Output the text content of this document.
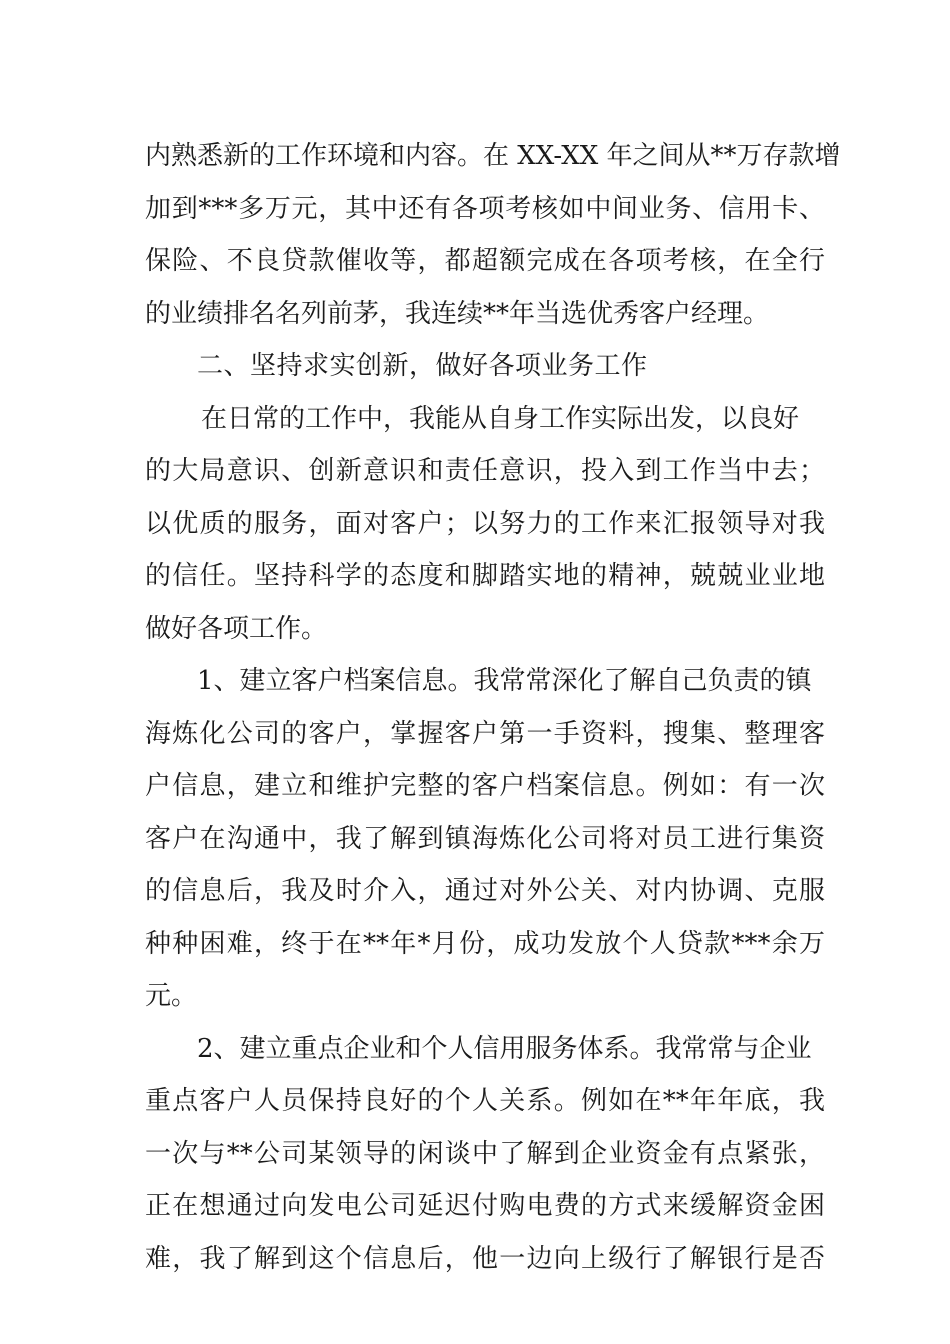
内熟悉新的工作环境和内容。在 XX-XX 年之间从**万存款增
加到***多万元，其中还有各项考核如中间业务、信用卡、
保险、不良贷款催收等，都超额完成在各项考核，在全行
的业绩排名名列前茅，我连续**年当选优秀客户经理。
二、坚持求实创新，做好各项业务工作
在日常的工作中，我能从自身工作实际出发，以良好
的大局意识、创新意识和责任意识，投入到工作当中去；
以优质的服务，面对客户；以努力的工作来汇报领导对我
的信任。坚持科学的态度和脚踏实地的精神，兢兢业业地
做好各项工作。
1、建立客户档案信息。我常常深化了解自己负责的镇
海炼化公司的客户，掌握客户第一手资料，搜集、整理客
户信息，建立和维护完整的客户档案信息。例如：有一次
客户在沟通中，我了解到镇海炼化公司将对员工进行集资
的信息后，我及时介入，通过对外公关、对内协调、克服
种种困难，终于在**年*月份，成功发放个人贷款***余万
元。
2、建立重点企业和个人信用服务体系。我常常与企业
重点客户人员保持良好的个人关系。例如在**年年底，我
一次与**公司某领导的闲谈中了解到企业资金有点紧张，
正在想通过向发电公司延迟付购电费的方式来缓解资金困
难，我了解到这个信息后，他一边向上级行了解银行是否
